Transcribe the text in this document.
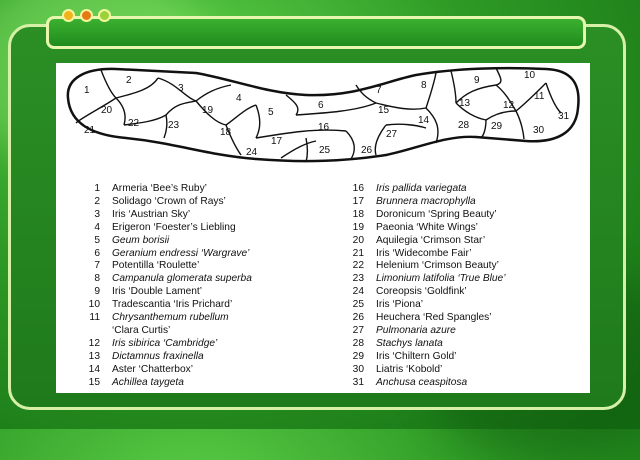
1
2
3
4
5
6
7	8	9	10
11
12
13
14
15
16
17
18
19
20
21
22	23
24	25	26
27
28 29	30
31
1	Armeria ‘Bee’s Ruby’
2	Solidago ‘Crown of Rays’
3	Iris ‘Austrian Sky’
4	Erigeron ‘Foester’s Liebling
5	Geum borisii
6	Geranium endressi ‘Wargrave’
7	Potentilla ‘Roulette’
8	Campanula glomerata superba
9	Iris ‘Double Lament’
10	Tradescantia ‘Iris Prichard’
11	Chrysanthemum rubellum
‘Clara Curtis’
12	Iris sibirica ‘Cambridge’
13	Dictamnus fraxinella
14	Aster ‘Chatterbox’
15	Achillea taygeta
16	Iris pallida variegata
17	Brunnera macrophylla
18	Doronicum ‘Spring Beauty’
19	Paeonia ‘White Wings’
20	Aquilegia ‘Crimson Star’
21	Iris ‘Widecombe Fair’
22	Helenium ‘Crimson Beauty’
23	Limonium latifolia ‘True Blue’
24	Coreopsis ‘Goldfink’
25	Iris ‘Piona’
26	Heuchera ‘Red Spangles’
27	Pulmonaria azure
28	Stachys lanata
29	Iris ‘Chiltern Gold’
30	Liatris ‘Kobold’
31	Anchusa ceaspitosa
